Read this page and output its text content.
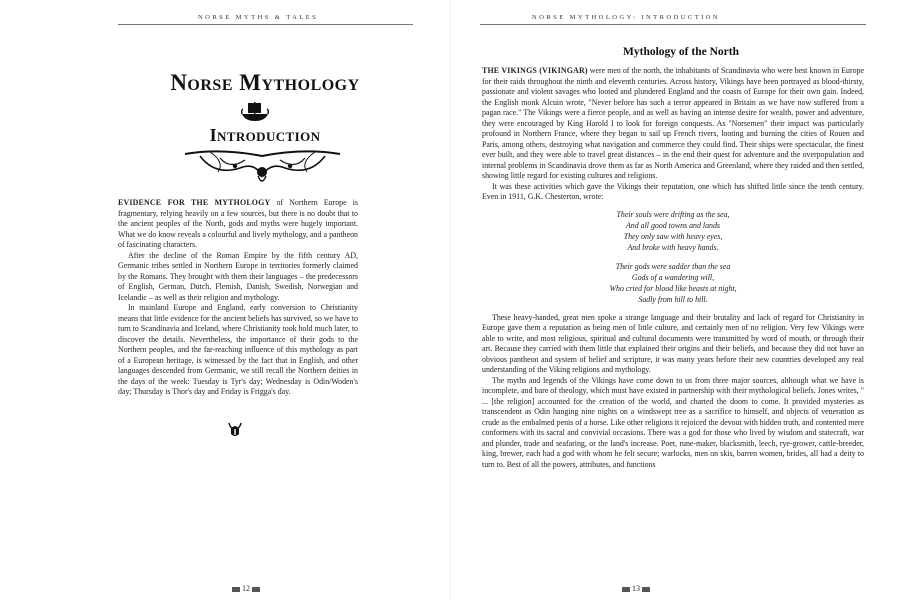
NORSE MYTHS & TALES
Norse Mythology
Introduction

EVIDENCE FOR THE MYTHOLOGY of Northern Europe is fragmentary, relying heavily on a few sources, but there is no doubt that to the ancient peoples of the North, gods and myths were hugely important. What we do know reveals a colourful and lively mythology, and a pantheon of fascinating characters.

After the decline of the Roman Empire by the fifth century AD, Germanic tribes settled in Northern Europe in territories formerly claimed by the Romans. They brought with them their languages – the predecessors of English, German, Dutch, Flemish, Danish, Swedish, Norwegian and Icelandic – as well as their religion and mythology.

In mainland Europe and England, early conversion to Christianity means that little evidence for the ancient beliefs has survived, so we have to turn to Scandinavia and Iceland, where Christianity took hold much later, to discover the details. Nevertheless, the importance of their gods to the Northern peoples, and the far-reaching influence of this mythology as part of a European heritage, is witnessed by the fact that in English, and other languages descended from Germanic, we still recall the Northern deities in the days of the week: Tuesday is Tyr's day; Wednesday is Odin/Woden's day; Thursday is Thor's day and Friday is Frigga's day.

12
NORSE MYTHOLOGY: INTRODUCTION
Mythology of the North

THE VIKINGS (VIKINGAR) were men of the north, the inhabitants of Scandinavia who were best known in Europe for their raids throughout the ninth and eleventh centuries. Across history, Vikings have been portrayed as blood-thirsty, passionate and violent savages who looted and plundered England and the coasts of Europe for their own gain. Indeed, the English monk Alcuin wrote, "Never before has such a terror appeared in Britain as we have now suffered from a pagan race." The Vikings were a fierce people, and as well as having an intense desire for wealth, power and adventure, they were encouraged by King Harold I to look for foreign conquests. As "Norsemen" their impact was particularly profound in Northern France, where they began to sail up French rivers, looting and burning the cities of Rouen and Paris, among others, destroying what navigation and commerce they could find. Their ships were spectacular, the finest ever built, and they were able to travel great distances – in the end their quest for adventure and the overpopulation and internal problems in Scandinavia drove them as far as North America and Greenland, where they raided and then settled, showing little regard for existing cultures and religions.

It was these activities which gave the Vikings their reputation, one which has shifted little since the tenth century. Even in 1911, G.K. Chesterton, wrote:

Their souls were drifting as the sea,
And all good towns and lands
They only saw with heavy eyes,
And broke with heavy hands.
Their gods were sadder than the sea
Gods of a wandering will,
Who cried for blood like beasts at night,
Sadly from hill to hill.

These heavy-handed, great men spoke a strange language and their brutality and lack of regard for Christianity in Europe gave them a reputation as being men of little culture, and certainly men of no religion. Very few Vikings were able to write, and most religious, spiritual and cultural documents were transmitted by word of mouth, or through their art. Because they carried with them little that explained their origins and their beliefs, and because they did not have an obvious pantheon and system of belief and scripture, it was many years before their new countries developed any real understanding of the Viking religions and mythology.

The myths and legends of the Vikings have come down to us from three major sources, although what we have is incomplete, and bare of theology, which must have existed in partnership with their mythological beliefs. Jones writes, " ... [the religion] accounted for the creation of the world, and charted the doom to come. It provided mysteries as transcendent as Odin hanging nine nights on a windswept tree as a sacrifice to himself, and objects of veneration as crude as the embalmed penis of a horse. Like other religions it rejoiced the devout with hidden truth, and contented mere conformers with its sacral and convivial occasions. There was a god for those who lived by wisdom and statecraft, war and plunder, trade and seafaring, or the land's increase. Poet, rune-maker, blacksmith, leech, rye-grower, cattle-breeder, king, brewer, each had a god with whom he felt secure; warlocks, men on skis, barren women, brides, all had a deity to turn to. Best of all the powers, attributes, and functions

13
